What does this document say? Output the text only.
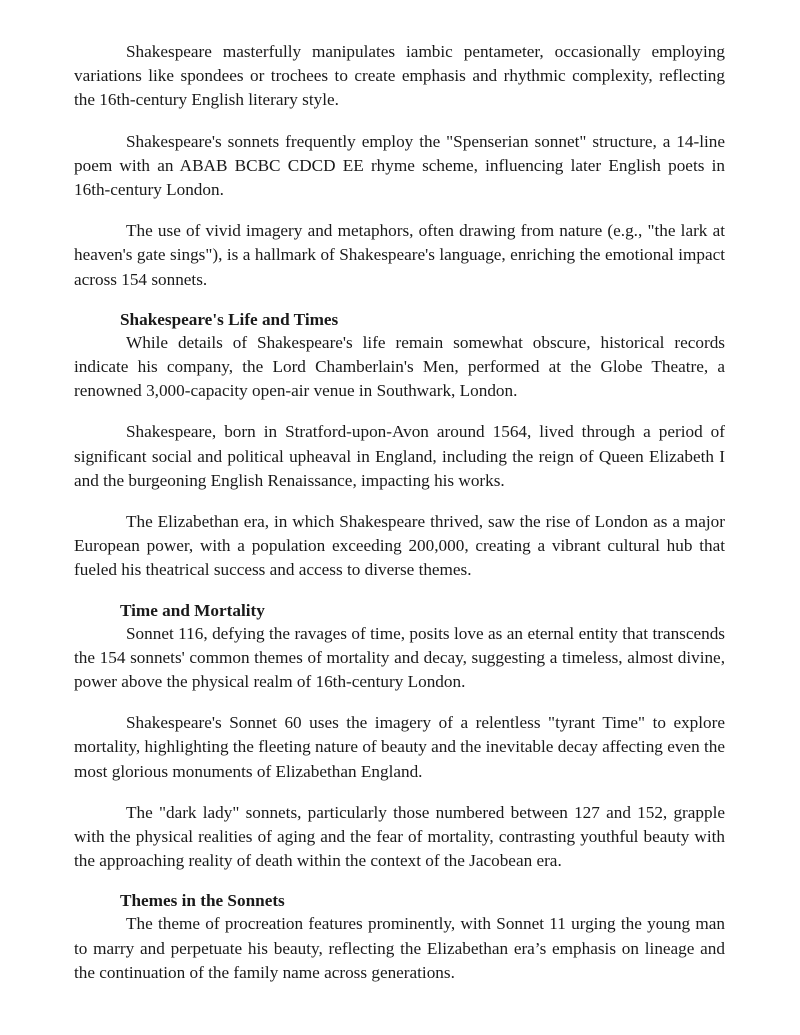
Shakespeare masterfully manipulates iambic pentameter, occasionally employing variations like spondees or trochees to create emphasis and rhythmic complexity, reflecting the 16th-century English literary style.

Shakespeare's sonnets frequently employ the "Spenserian sonnet" structure, a 14-line poem with an ABAB BCBC CDCD EE rhyme scheme, influencing later English poets in 16th-century London.

The use of vivid imagery and metaphors, often drawing from nature (e.g., "the lark at heaven's gate sings"), is a hallmark of Shakespeare's language, enriching the emotional impact across 154 sonnets.

Shakespeare's Life and Times

While details of Shakespeare's life remain somewhat obscure, historical records indicate his company, the Lord Chamberlain's Men, performed at the Globe Theatre, a renowned 3,000-capacity open-air venue in Southwark, London.

Shakespeare, born in Stratford-upon-Avon around 1564, lived through a period of significant social and political upheaval in England, including the reign of Queen Elizabeth I and the burgeoning English Renaissance, impacting his works.

The Elizabethan era, in which Shakespeare thrived, saw the rise of London as a major European power, with a population exceeding 200,000, creating a vibrant cultural hub that fueled his theatrical success and access to diverse themes.

Time and Mortality

Sonnet 116, defying the ravages of time, posits love as an eternal entity that transcends the 154 sonnets' common themes of mortality and decay, suggesting a timeless, almost divine, power above the physical realm of 16th-century London.

Shakespeare's Sonnet 60 uses the imagery of a relentless "tyrant Time" to explore mortality, highlighting the fleeting nature of beauty and the inevitable decay affecting even the most glorious monuments of Elizabethan England.

The "dark lady" sonnets, particularly those numbered between 127 and 152, grapple with the physical realities of aging and the fear of mortality, contrasting youthful beauty with the approaching reality of death within the context of the Jacobean era.

Themes in the Sonnets

The theme of procreation features prominently, with Sonnet 11 urging the young man to marry and perpetuate his beauty, reflecting the Elizabethan era’s emphasis on lineage and the continuation of the family name across generations.
